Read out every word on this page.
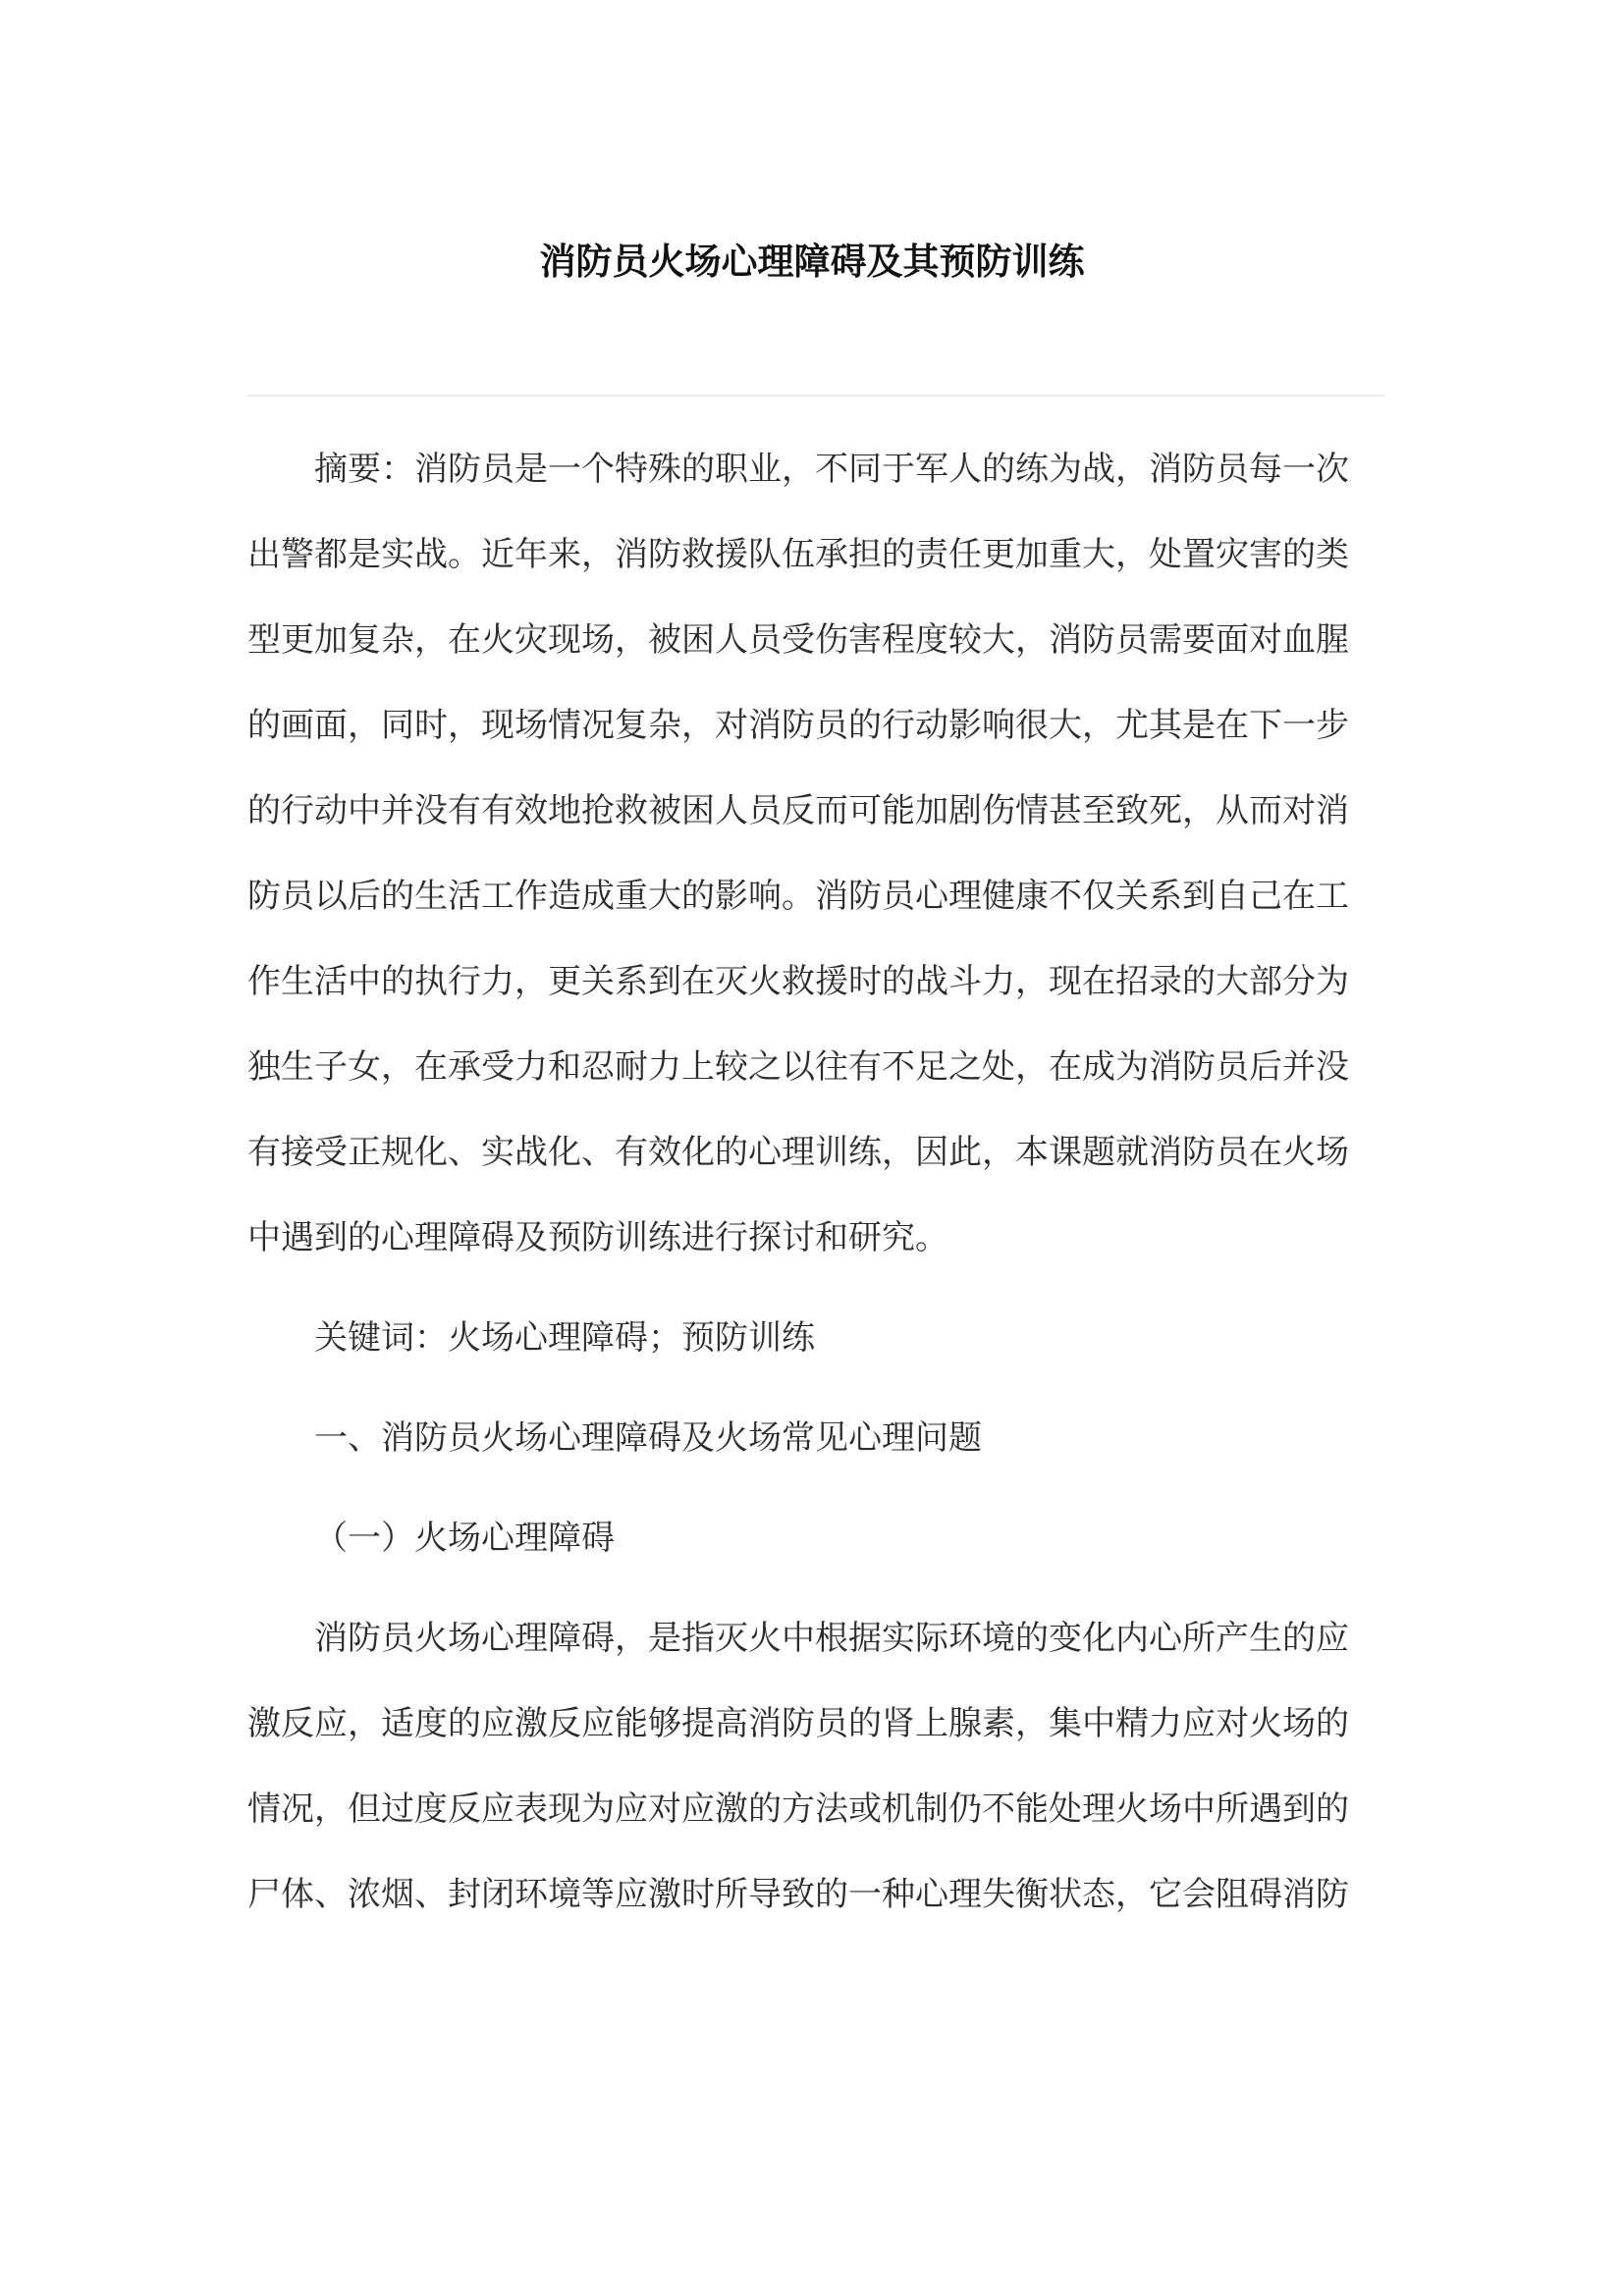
消防员火场心理障碍及其预防训练
摘要：消防员是一个特殊的职业，不同于军人的练为战，消防员每一次
出警都是实战。近年来，消防救援队伍承担的责任更加重大，处置灾害的类
型更加复杂，在火灾现场，被困人员受伤害程度较大，消防员需要面对血腥
的画面，同时，现场情况复杂，对消防员的行动影响很大，尤其是在下一步
的行动中并没有有效地抢救被困人员反而可能加剧伤情甚至致死，从而对消
防员以后的生活工作造成重大的影响。消防员心理健康不仅关系到自己在工
作生活中的执行力，更关系到在灭火救援时的战斗力，现在招录的大部分为
独生子女，在承受力和忍耐力上较之以往有不足之处，在成为消防员后并没
有接受正规化、实战化、有效化的心理训练，因此，本课题就消防员在火场
中遇到的心理障碍及预防训练进行探讨和研究。

关键词：火场心理障碍；预防训练

一、消防员火场心理障碍及火场常见心理问题

（一）火场心理障碍

消防员火场心理障碍，是指灭火中根据实际环境的变化内心所产生的应
激反应，适度的应激反应能够提高消防员的肾上腺素，集中精力应对火场的
情况，但过度反应表现为应对应激的方法或机制仍不能处理火场中所遇到的
尸体、浓烟、封闭环境等应激时所导致的一种心理失衡状态，它会阻碍消防
